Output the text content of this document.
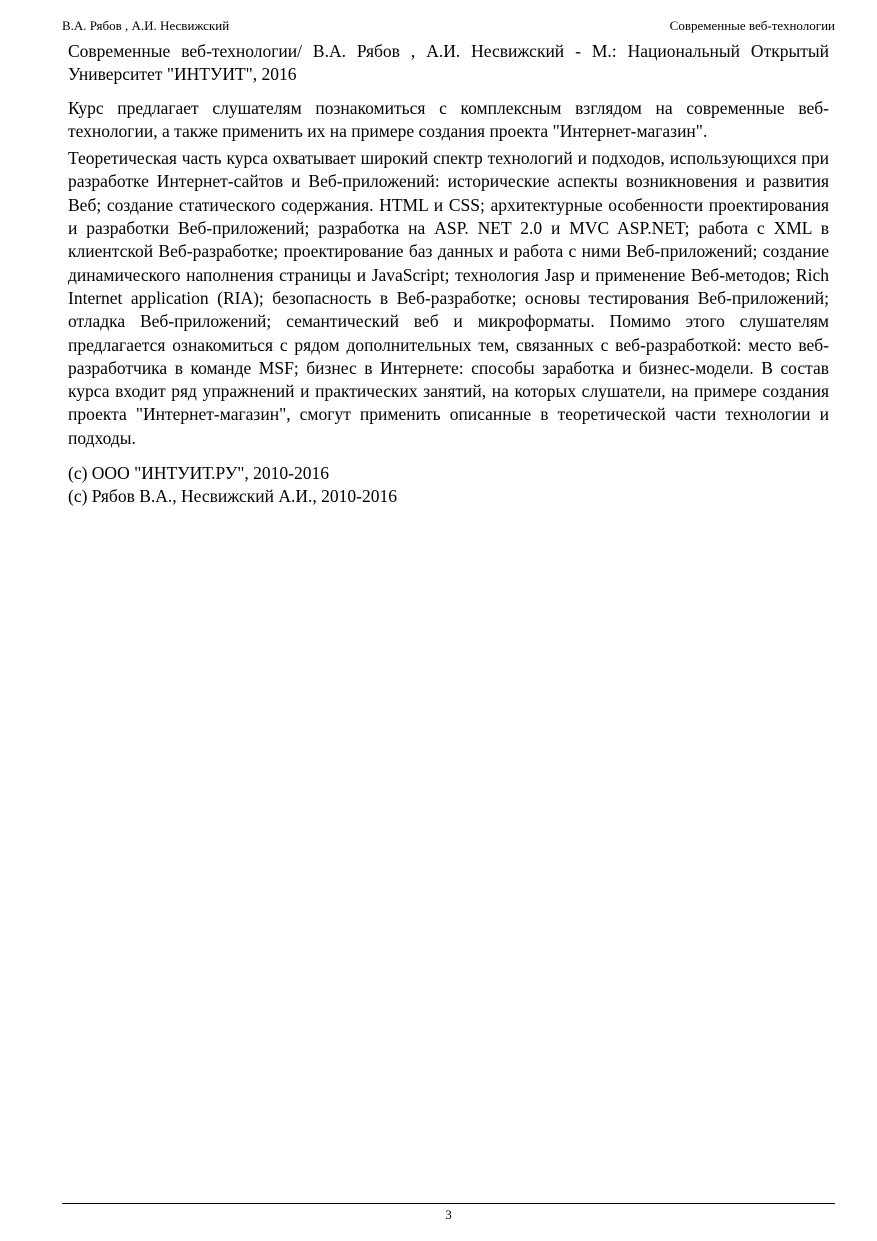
В.А. Рябов , А.И. Несвижский	Современные веб-технологии

Современные веб-технологии/ В.А. Рябов , А.И. Несвижский - М.: Национальный Открытый Университет "ИНТУИТ", 2016

Курс предлагает слушателям познакомиться с комплексным взглядом на современные веб-технологии, а также применить их на примере создания проекта "Интернет-магазин".

Теоретическая часть курса охватывает широкий спектр технологий и подходов, использующихся при разработке Интернет-сайтов и Веб-приложений: исторические аспекты возникновения и развития Веб; создание статического содержания. HTML и CSS; архитектурные особенности проектирования и разработки Веб-приложений; разработка на ASP. NET 2.0 и MVC ASP.NET; работа с XML в клиентской Веб-разработке; проектирование баз данных и работа с ними Веб-приложений; создание динамического наполнения страницы и JavaScript; технология Jasp и применение Веб-методов; Rich Internet application (RIA); безопасность в Веб-разработке; основы тестирования Веб-приложений; отладка Веб-приложений; семантический веб и микроформаты. Помимо этого слушателям предлагается ознакомиться с рядом дополнительных тем, связанных с веб-разработкой: место веб-разработчика в команде MSF; бизнес в Интернете: способы заработка и бизнес-модели. В состав курса входит ряд упражнений и практических занятий, на которых слушатели, на примере создания проекта "Интернет-магазин", смогут применить описанные в теоретической части технологии и подходы.

(c) ООО "ИНТУИТ.РУ", 2010-2016

(c) Рябов В.А., Несвижский А.И., 2010-2016

3
